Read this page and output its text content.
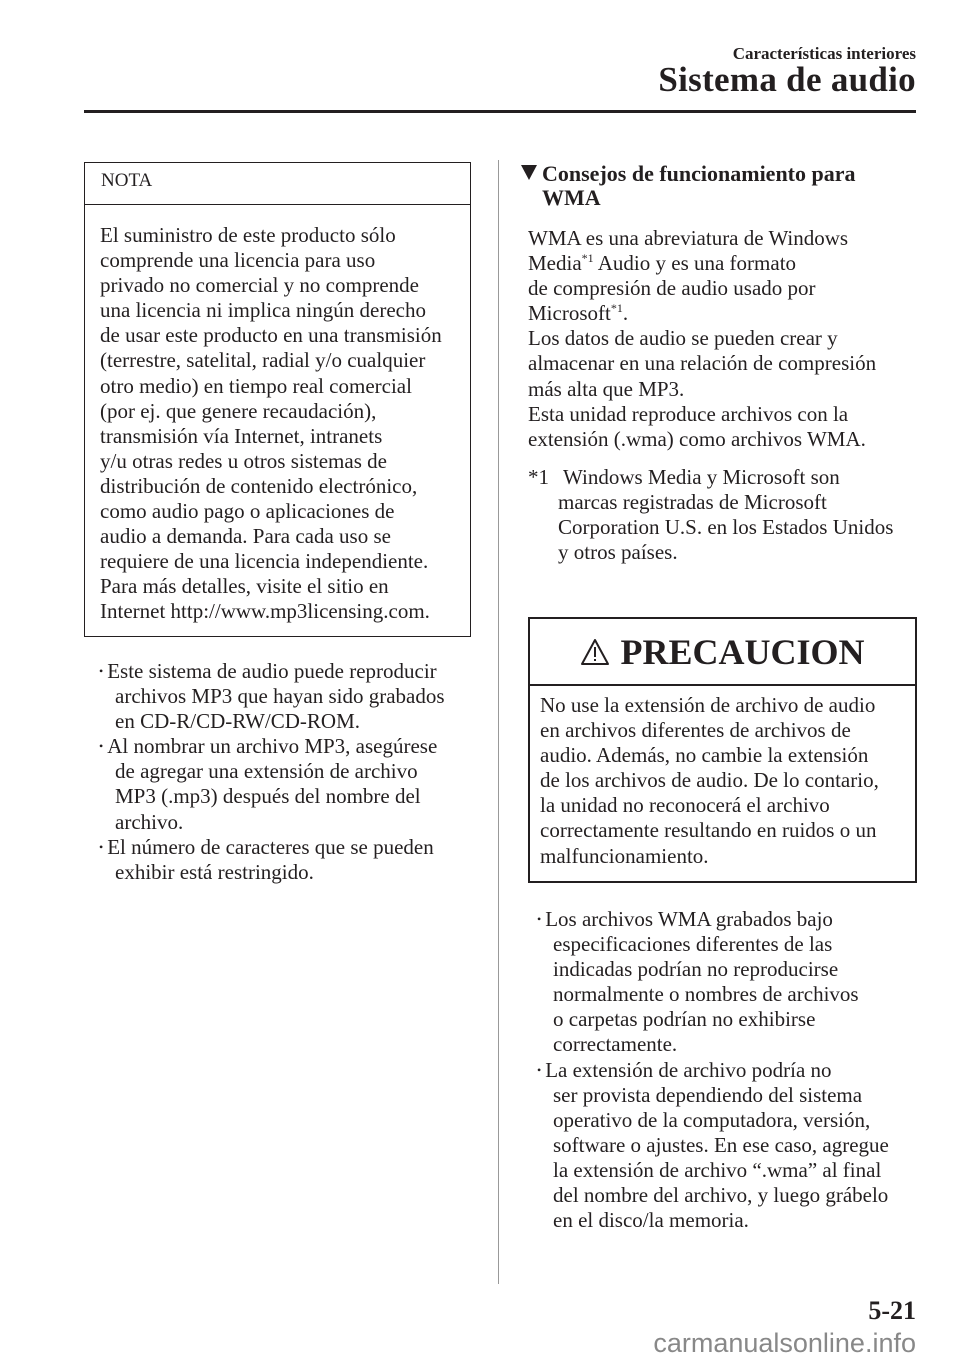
Características interiores
Sistema de audio
NOTA
El suministro de este producto sólo
comprende una licencia para uso
privado no comercial y no comprende
una licencia ni implica ningún derecho
de usar este producto en una transmisión
(terrestre, satelital, radial y/o cualquier
otro medio) en tiempo real comercial
(por ej. que genere recaudación),
transmisión vía Internet, intranets
y/u otras redes u otros sistemas de
distribución de contenido electrónico,
como audio pago o aplicaciones de
audio a demanda. Para cada uso se
requiere de una licencia independiente.
Para más detalles, visite el sitio en
Internet http://www.mp3licensing.com.
• Este sistema de audio puede reproducir
archivos MP3 que hayan sido grabados
en CD-R/CD-RW/CD-ROM.
• Al nombrar un archivo MP3, asegúrese
de agregar una extensión de archivo
MP3 (.mp3) después del nombre del
archivo.
• El número de caracteres que se pueden
exhibir está restringido.
Consejos de funcionamiento para
WMA
WMA es una abreviatura de Windows
Media$^{*1}$ Audio y es una formato
de compresión de audio usado por
Microsoft$^{*1}$.
Los datos de audio se pueden crear y
almacenar en una relación de compresión
más alta que MP3.
Esta unidad reproduce archivos con la
extensión (.wma) como archivos WMA.
*1 Windows Media y Microsoft son
marcas registradas de Microsoft
Corporation U.S. en los Estados Unidos
y otros países.
PRECAUCION
No use la extensión de archivo de audio
en archivos diferentes de archivos de
audio. Además, no cambie la extensión
de los archivos de audio. De lo contario,
la unidad no reconocerá el archivo
correctamente resultando en ruidos o un
malfuncionamiento.
• Los archivos WMA grabados bajo
especificaciones diferentes de las
indicadas podrían no reproducirse
normalmente o nombres de archivos
o carpetas podrían no exhibirse
correctamente.
• La extensión de archivo podría no
ser provista dependiendo del sistema
operativo de la computadora, versión,
software o ajustes. En ese caso, agregue
la extensión de archivo “.wma” al final
del nombre del archivo, y luego grábelo
en el disco/la memoria.
5-21
carmanualsonline.info
